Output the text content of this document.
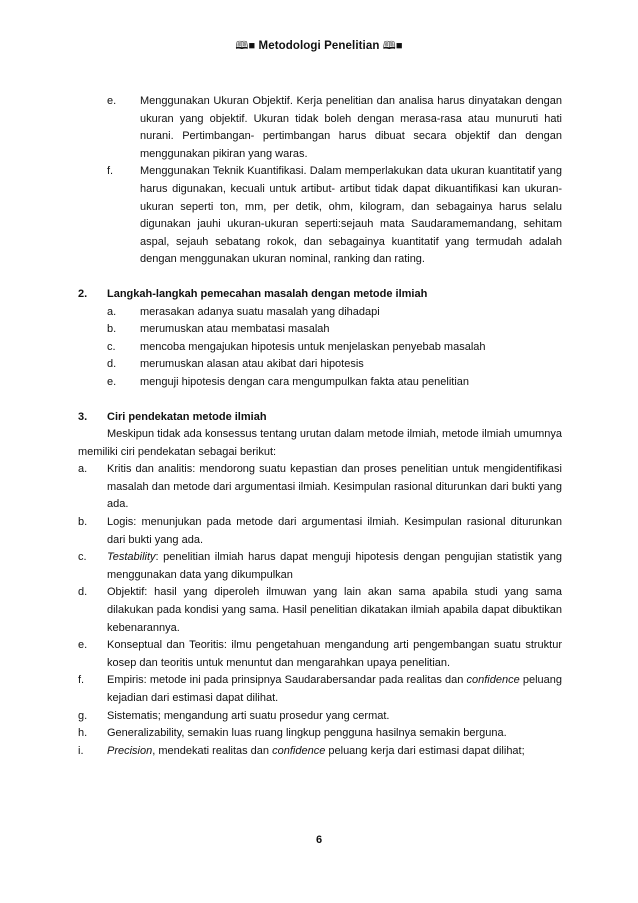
🕮■ Metodologi Penelitian 🕮■
e.	Menggunakan Ukuran Objektif. Kerja penelitian dan analisa harus dinyatakan dengan ukuran yang objektif. Ukuran tidak boleh dengan merasa-rasa atau munuruti hati nurani. Pertimbangan- pertimbangan harus dibuat secara objektif dan dengan menggunakan pikiran yang waras.
f.	Menggunakan Teknik Kuantifikasi. Dalam memperlakukan data ukuran kuantitatif yang harus digunakan, kecuali untuk artibut- artibut tidak dapat dikuantifikasi kan ukuran-ukuran seperti ton, mm, per detik, ohm, kilogram, dan sebagainya harus selalu digunakan jauhi ukuran-ukuran seperti:sejauh mata Saudaramemandang, sehitam aspal, sejauh sebatang rokok, dan sebagainya kuantitatif yang termudah adalah dengan menggunakan ukuran nominal, ranking dan rating.
2.	Langkah-langkah pemecahan masalah dengan metode ilmiah
a.	merasakan adanya suatu masalah yang dihadapi
b.	merumuskan atau membatasi masalah
c.	mencoba mengajukan hipotesis untuk menjelaskan penyebab masalah
d.	merumuskan alasan atau akibat dari hipotesis
e.	menguji hipotesis dengan cara mengumpulkan fakta atau penelitian
3.	Ciri pendekatan metode ilmiah
Meskipun tidak ada konsessus tentang urutan dalam metode ilmiah, metode ilmiah umumnya memiliki ciri pendekatan sebagai berikut:
a.	Kritis dan analitis: mendorong suatu kepastian dan proses penelitian untuk mengidentifikasi masalah dan metode dari argumentasi ilmiah. Kesimpulan rasional diturunkan dari bukti yang ada.
b.	Logis: menunjukan pada metode dari argumentasi ilmiah. Kesimpulan rasional diturunkan dari bukti yang ada.
c.	Testability: penelitian ilmiah harus dapat menguji hipotesis dengan pengujian statistik yang menggunakan data yang dikumpulkan
d.	Objektif: hasil yang diperoleh ilmuwan yang lain akan sama apabila studi yang sama dilakukan pada kondisi yang sama. Hasil penelitian dikatakan ilmiah apabila dapat dibuktikan kebenarannya.
e.	Konseptual dan Teoritis: ilmu pengetahuan mengandung arti pengembangan suatu struktur kosep dan teoritis untuk menuntut dan mengarahkan upaya penelitian.
f.	Empiris: metode ini pada prinsipnya Saudarabersandar pada realitas dan confidence peluang kejadian dari estimasi dapat dilihat.
g.	Sistematis; mengandung arti suatu prosedur yang cermat.
h.	Generalizability, semakin luas ruang lingkup pengguna hasilnya semakin berguna.
i.	Precision, mendekati realitas dan confidence peluang kerja dari estimasi dapat dilihat;
6
